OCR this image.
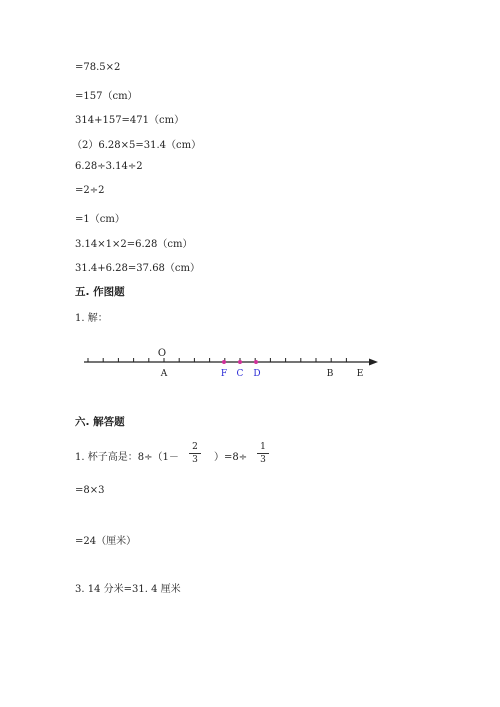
=78.5×2
=157（cm）
314+157=471（cm）
（2）6.28×5=31.4（cm）
6.28÷3.14÷2
=2÷2
=1（cm）
3.14×1×2=6.28（cm）
31.4+6.28=37.68（cm）
五. 作图题
1. 解：
O
A	F C D	B	E
六. 解答题
1. 杯子高是：8÷（1－
2
3	）=8÷
1
3
=8×3
=24（厘米）
3. 14 分米=31. 4 厘米
